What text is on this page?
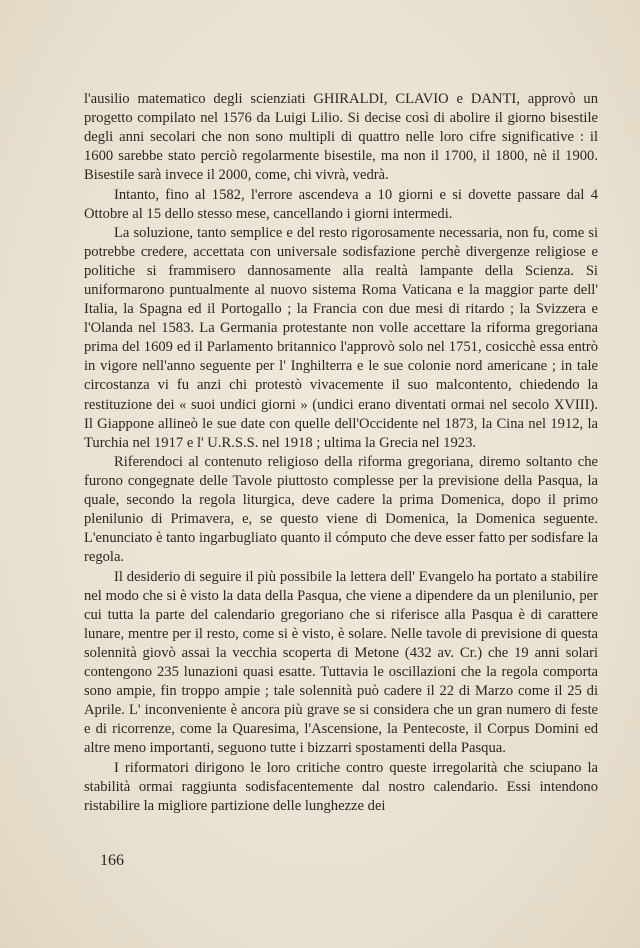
l'ausilio matematico degli scienziati GHIRALDI, CLAVIO e DANTI, approvò un progetto compilato nel 1576 da Luigi Lilio. Si decise così di abolire il giorno bisestile degli anni secolari che non sono multipli di quattro nelle loro cifre significative : il 1600 sarebbe stato perciò regolarmente bisestile, ma non il 1700, il 1800, nè il 1900. Bisestile sarà invece il 2000, come, chi vivrà, vedrà.

Intanto, fino al 1582, l'errore ascendeva a 10 giorni e si dovette passare dal 4 Ottobre al 15 dello stesso mese, cancellando i giorni intermedi.

La soluzione, tanto semplice e del resto rigorosamente necessaria, non fu, come si potrebbe credere, accettata con universale sodisfazione perchè divergenze religiose e politiche si frammisero dannosamente alla realtà lampante della Scienza. Si uniformarono puntualmente al nuovo sistema Roma Vaticana e la maggior parte dell' Italia, la Spagna ed il Portogallo ; la Francia con due mesi di ritardo ; la Svizzera e l'Olanda nel 1583. La Germania protestante non volle accettare la riforma gregoriana prima del 1609 ed il Parlamento britannico l'approvò solo nel 1751, cosicchè essa entrò in vigore nell'anno seguente per l' Inghilterra e le sue colonie nord americane ; in tale circostanza vi fu anzi chi protestò vivacemente il suo malcontento, chiedendo la restituzione dei « suoi undici giorni » (undici erano diventati ormai nel secolo XVIII). Il Giappone allineò le sue date con quelle dell'Occidente nel 1873, la Cina nel 1912, la Turchia nel 1917 e l' U.R.S.S. nel 1918 ; ultima la Grecia nel 1923.

Riferendoci al contenuto religioso della riforma gregoriana, diremo soltanto che furono congegnate delle Tavole piuttosto complesse per la previsione della Pasqua, la quale, secondo la regola liturgica, deve cadere la prima Domenica, dopo il primo plenilunio di Primavera, e, se questo viene di Domenica, la Domenica seguente. L'enunciato è tanto ingarbugliato quanto il cómputo che deve esser fatto per sodisfare la regola.

Il desiderio di seguire il più possibile la lettera dell' Evangelo ha portato a stabilire nel modo che si è visto la data della Pasqua, che viene a dipendere da un plenilunio, per cui tutta la parte del calendario gregoriano che si riferisce alla Pasqua è di carattere lunare, mentre per il resto, come si è visto, è solare. Nelle tavole di previsione di questa solennità giovò assai la vecchia scoperta di Metone (432 av. Cr.) che 19 anni solari contengono 235 lunazioni quasi esatte. Tuttavia le oscillazioni che la regola comporta sono ampie, fin troppo ampie ; tale solennità può cadere il 22 di Marzo come il 25 di Aprile. L' inconveniente è ancora più grave se si considera che un gran numero di feste e di ricorrenze, come la Quaresima, l'Ascensione, la Pentecoste, il Corpus Domini ed altre meno importanti, seguono tutte i bizzarri spostamenti della Pasqua.

I riformatori dirigono le loro critiche contro queste irregolarità che sciupano la stabilità ormai raggiunta sodisfacentemente dal nostro calendario. Essi intendono ristabilire la migliore partizione delle lunghezze dei

166
